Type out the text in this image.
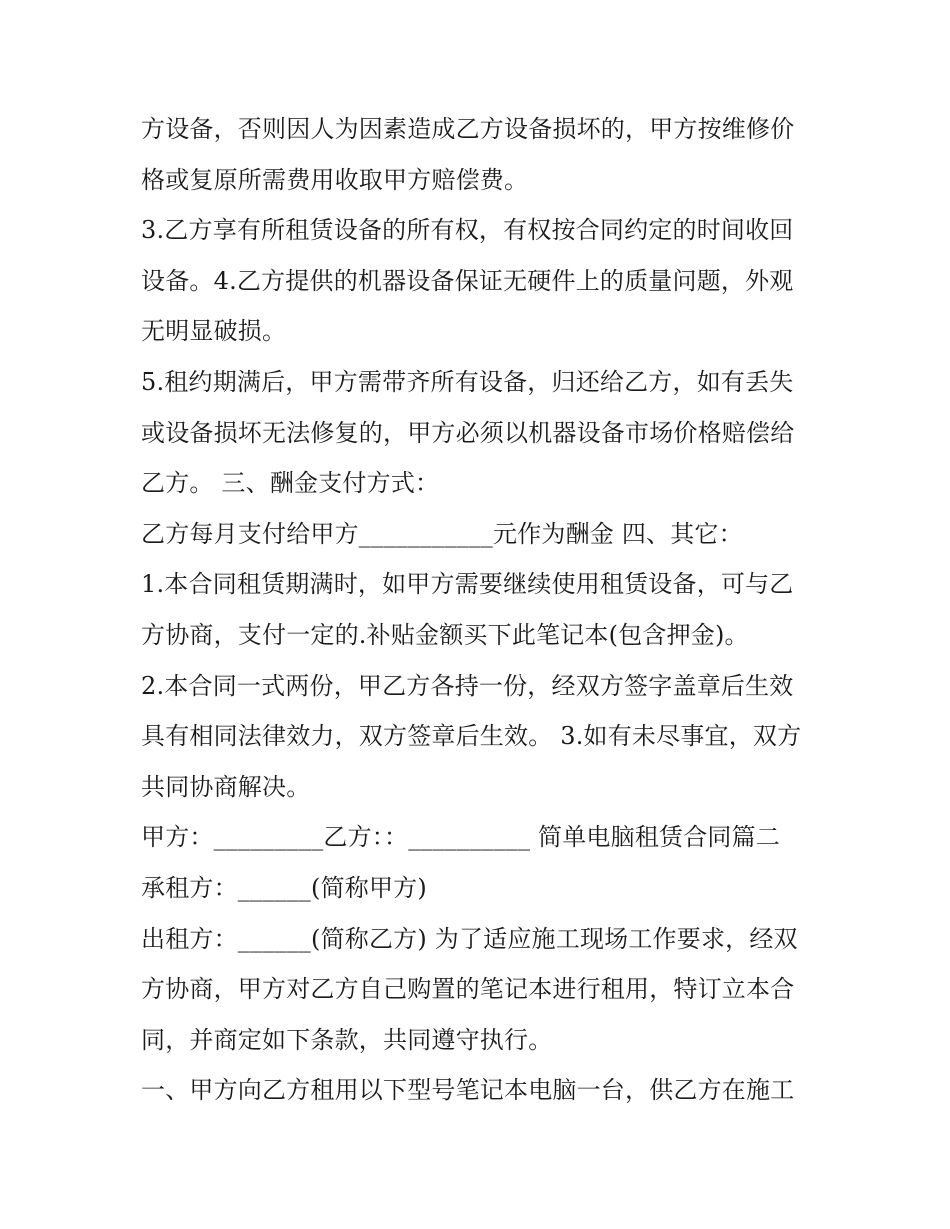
方设备，否则因人为因素造成乙方设备损坏的，甲方按维修价
格或复原所需费用收取甲方赔偿费。
3.乙方享有所租赁设备的所有权，有权按合同约定的时间收回
设备。4.乙方提供的机器设备保证无硬件上的质量问题，外观
无明显破损。
5.租约期满后，甲方需带齐所有设备，归还给乙方，如有丢失
或设备损坏无法修复的，甲方必须以机器设备市场价格赔偿给
乙方。 三、酬金支付方式：
乙方每月支付给甲方___________元作为酬金 四、其它：
1.本合同租赁期满时，如甲方需要继续使用租赁设备，可与乙
方协商，支付一定的.补贴金额买下此笔记本(包含押金)。
2.本合同一式两份，甲乙方各持一份，经双方签字盖章后生效
具有相同法律效力，双方签章后生效。 3.如有未尽事宜，双方
共同协商解决。
甲方：_________乙方：：__________ 简单电脑租赁合同篇二
承租方：______(简称甲方)
出租方：______(简称乙方) 为了适应施工现场工作要求，经双
方协商，甲方对乙方自己购置的笔记本进行租用，特订立本合
同，并商定如下条款，共同遵守执行。
一、甲方向乙方租用以下型号笔记本电脑一台，供乙方在施工
